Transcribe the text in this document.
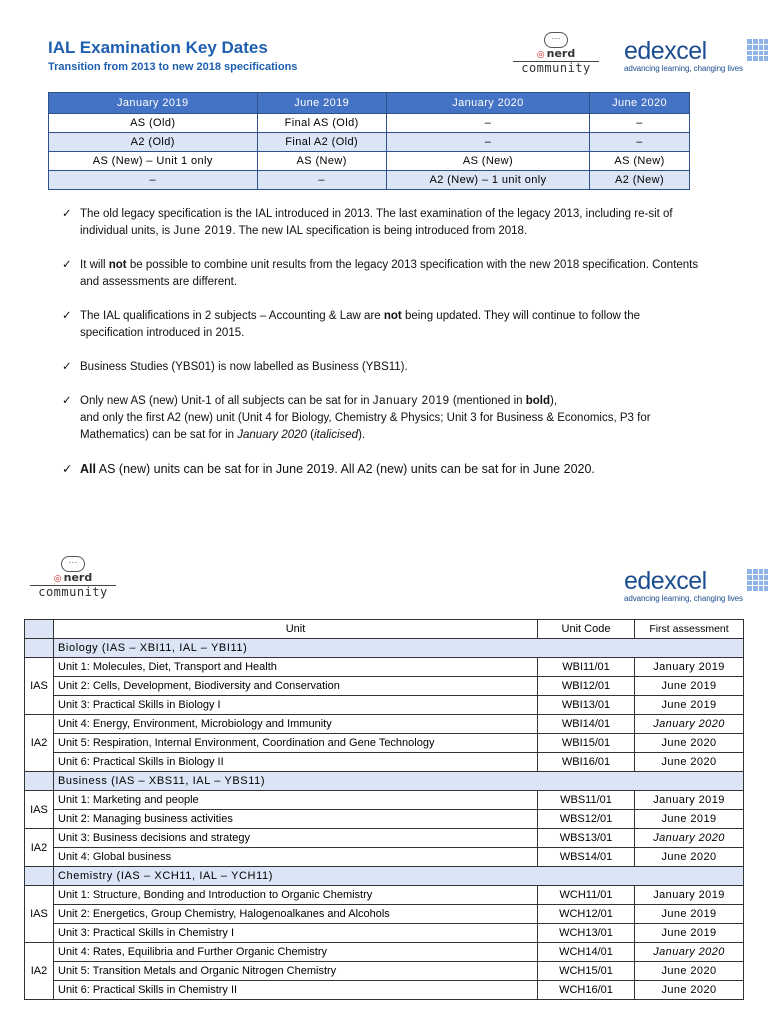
IAL Examination Key Dates
Transition from 2013 to new 2018 specifications
···
◎ nerd
community
edexcel
advancing learning, changing lives
January 2019	June 2019	January 2020	June 2020
AS (Old)	Final AS (Old)	–	–
A2 (Old)	Final A2 (Old)	–	–
AS (New) – Unit 1 only	AS (New)	AS (New)	AS (New)
–	–	A2 (New) – 1 unit only	A2 (New)

✓ The old legacy specification is the IAL introduced in 2013. The last examination of the legacy 2013, including re-sit of individual units, is June 2019. The new IAL specification is being introduced from 2018.

✓ It will not be possible to combine unit results from the legacy 2013 specification with the new 2018 specification. Contents and assessments are different.

✓ The IAL qualifications in 2 subjects – Accounting & Law are not being updated. They will continue to follow the specification introduced in 2015.

✓ Business Studies (YBS01) is now labelled as Business (YBS11).

✓ Only new AS (new) Unit-1 of all subjects can be sat for in January 2019 (mentioned in bold),
and only the first A2 (new) unit (Unit 4 for Biology, Chemistry & Physics; Unit 3 for Business & Economics, P3 for Mathematics) can be sat for in January 2020 (italicised).

✓ All AS (new) units can be sat for in June 2019. All A2 (new) units can be sat for in June 2020.

···
◎ nerd
community	edexcel
advancing learning, changing lives
	Unit	Unit Code	First assessment
	Biology (IAS – XBI11, IAL – YBI11)		
IAS	Unit 1: Molecules, Diet, Transport and Health	WBI11/01	January 2019
	Unit 2: Cells, Development, Biodiversity and Conservation	WBI12/01	June 2019
	Unit 3: Practical Skills in Biology I	WBI13/01	June 2019
IA2	Unit 4: Energy, Environment, Microbiology and Immunity	WBI14/01	January 2020
	Unit 5: Respiration, Internal Environment, Coordination and Gene Technology	WBI15/01	June 2020
	Unit 6: Practical Skills in Biology II	WBI16/01	June 2020
	Business (IAS – XBS11, IAL – YBS11)		
IAS	Unit 1: Marketing and people	WBS11/01	January 2019
	Unit 2: Managing business activities	WBS12/01	June 2019
IA2	Unit 3: Business decisions and strategy	WBS13/01	January 2020
	Unit 4: Global business	WBS14/01	June 2020
	Chemistry (IAS – XCH11, IAL – YCH11)		
IAS	Unit 1: Structure, Bonding and Introduction to Organic Chemistry	WCH11/01	January 2019
	Unit 2: Energetics, Group Chemistry, Halogenoalkanes and Alcohols	WCH12/01	June 2019
	Unit 3: Practical Skills in Chemistry I	WCH13/01	June 2019
IA2	Unit 4: Rates, Equilibria and Further Organic Chemistry	WCH14/01	January 2020
	Unit 5: Transition Metals and Organic Nitrogen Chemistry	WCH15/01	June 2020
	Unit 6: Practical Skills in Chemistry II	WCH16/01	June 2020
